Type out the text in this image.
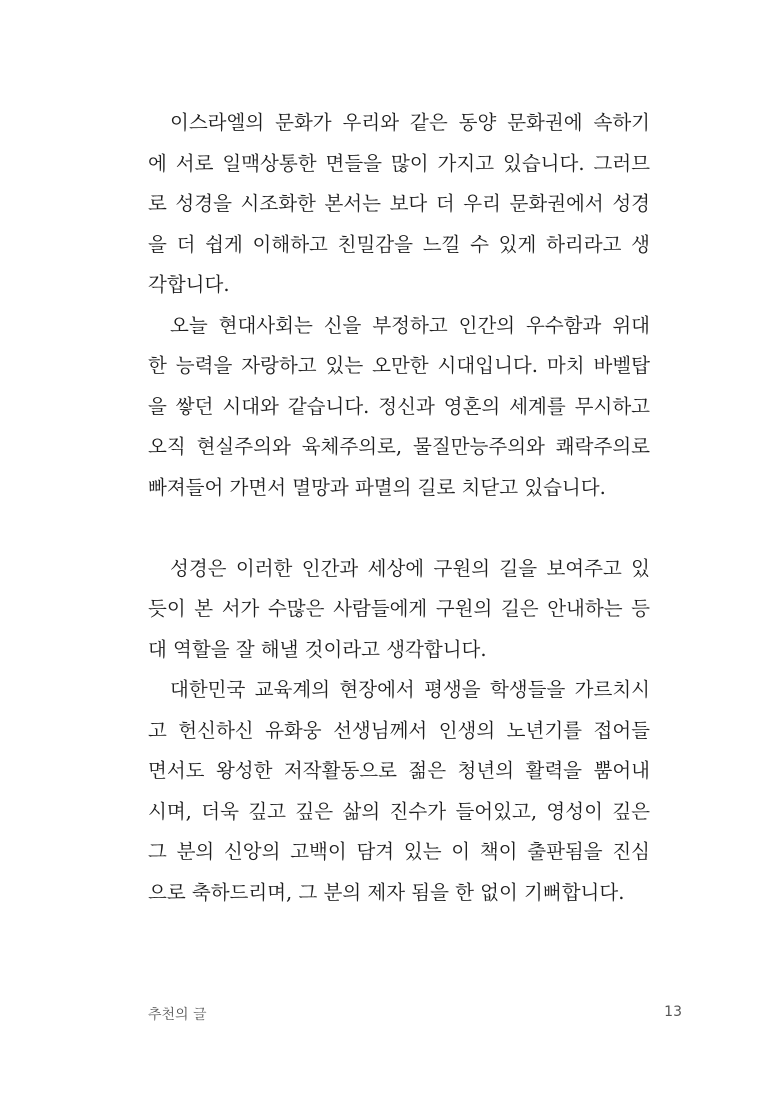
이스라엘의 문화가 우리와 같은 동양 문화권에 속하기
에 서로 일맥상통한 면들을 많이 가지고 있습니다. 그러므
로 성경을 시조화한 본서는 보다 더 우리 문화권에서 성경
을 더 쉽게 이해하고 친밀감을 느낄 수 있게 하리라고 생
각합니다.

오늘 현대사회는 신을 부정하고 인간의 우수함과 위대
한 능력을 자랑하고 있는 오만한 시대입니다. 마치 바벨탑
을 쌓던 시대와 같습니다. 정신과 영혼의 세계를 무시하고
오직 현실주의와 육체주의로, 물질만능주의와 쾌락주의로
빠져들어 가면서 멸망과 파멸의 길로 치닫고 있습니다.

성경은 이러한 인간과 세상에 구원의 길을 보여주고 있
듯이 본 서가 수많은 사람들에게 구원의 길은 안내하는 등
대 역할을 잘 해낼 것이라고 생각합니다.

대한민국 교육계의 현장에서 평생을 학생들을 가르치시
고 헌신하신 유화웅 선생님께서 인생의 노년기를 접어들
면서도 왕성한 저작활동으로 젊은 청년의 활력을 뿜어내
시며, 더욱 깊고 깊은 삶의 진수가 들어있고, 영성이 깊은
그 분의 신앙의 고백이 담겨 있는 이 책이 출판됨을 진심
으로 축하드리며, 그 분의 제자 됨을 한 없이 기뻐합니다.

추천의 글	13
